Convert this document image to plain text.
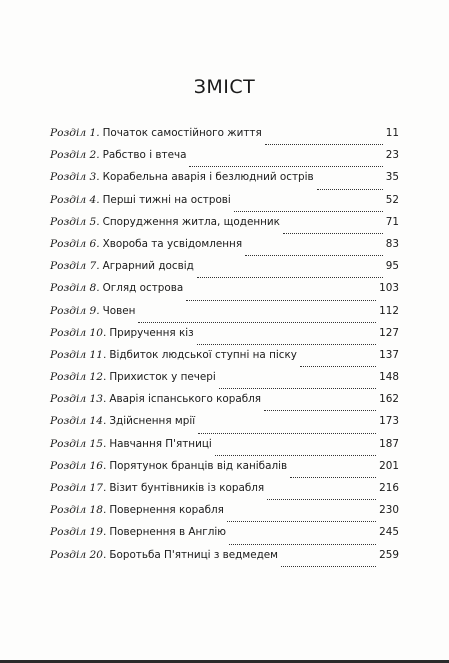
ЗМІСТ
Розділ 1. Початок самостійного життя	11
Розділ 2. Рабство і втеча	23
Розділ 3. Корабельна аварія і безлюдний острів	35
Розділ 4. Перші тижні на острові	52
Розділ 5. Спорудження житла, щоденник	71
Розділ 6. Хвороба та усвідомлення	83
Розділ 7. Аграрний досвід	95
Розділ 8. Огляд острова	103
Розділ 9. Човен	112
Розділ 10. Приручення кіз	127
Розділ 11. Відбиток людської ступні на піску	137
Розділ 12. Прихисток у печері	148
Розділ 13. Аварія іспанського корабля	162
Розділ 14. Здійснення мрії	173
Розділ 15. Навчання П'ятниці	187
Розділ 16. Порятунок бранців від канібалів	201
Розділ 17. Візит бунтівників із корабля	216
Розділ 18. Повернення корабля	230
Розділ 19. Повернення в Англію	245
Розділ 20. Боротьба П'ятниці з ведмедем	259
